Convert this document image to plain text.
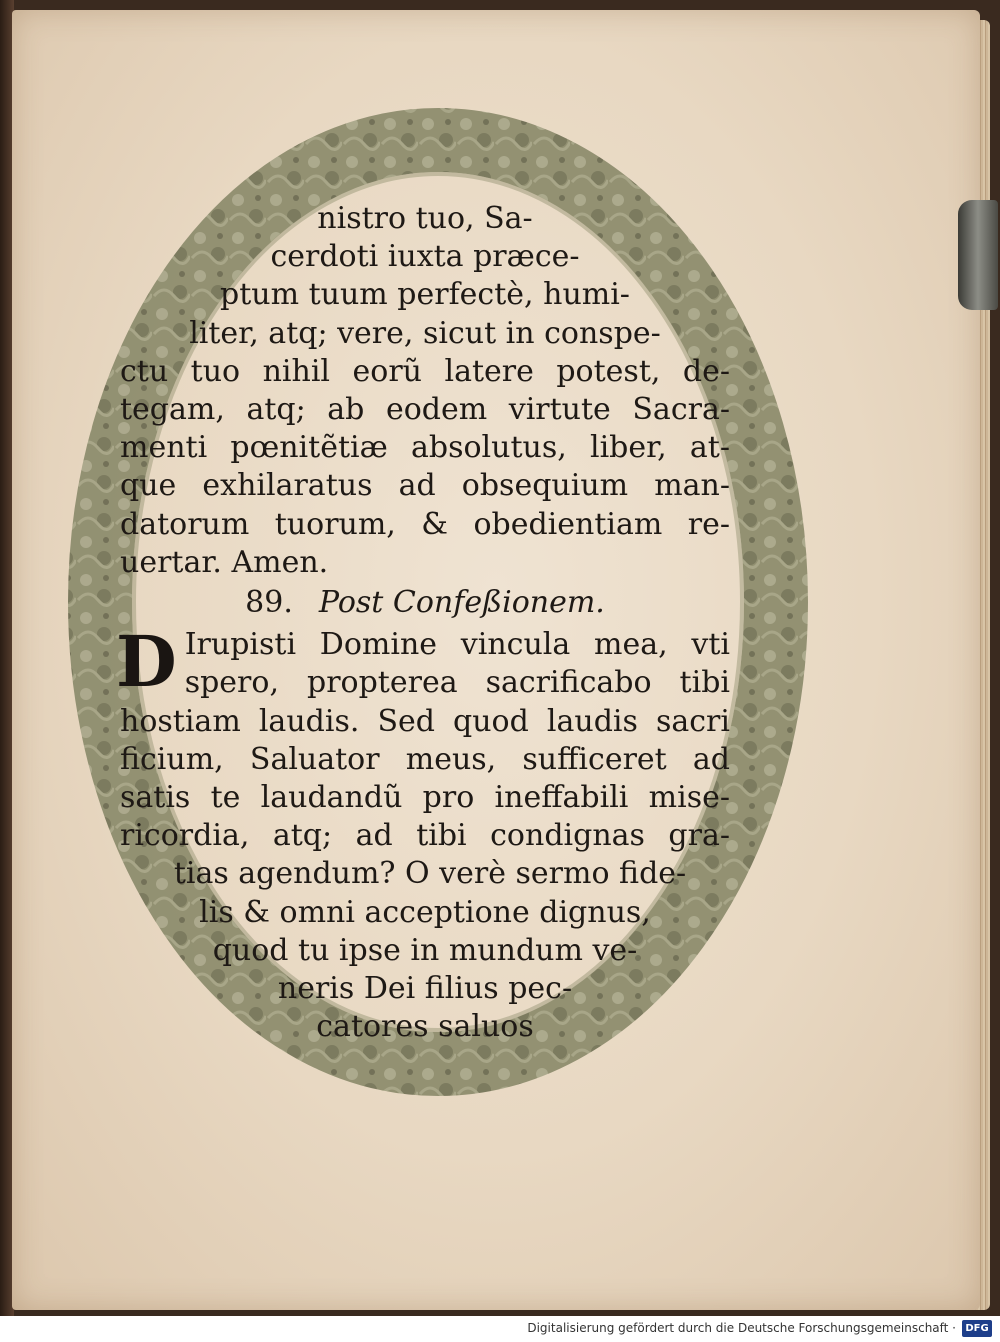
nistro tuo, Sa-
cerdoti iuxta præce-
ptum tuum perfectè, humi-
liter, atq; vere, sicut in conspe-
ctu tuo nihil eorũ latere potest, de-
tegam, atq; ab eodem virtute Sacra-
menti pœnitẽtiæ absolutus, liber, at-
que exhilaratus ad obsequium man-
datorum tuorum, & obedientiam re-
uertar. Amen.
89. Post Confeßionem.
D Irupisti Domine vincula mea, vti
spero, propterea sacrificabo tibi
hostiam laudis. Sed quod laudis sacri
ficium, Saluator meus, sufficeret ad
satis te laudandũ pro ineffabili mise-
ricordia, atq; ad tibi condignas gra-
tias agendum? O verè sermo fide-
lis & omni acceptione dignus,
quod tu ipse in mundum ve-
neris Dei filius pec-
catores saluos
Digitalisierung gefördert durch die Deutsche Forschungsgemeinschaft · DFG
